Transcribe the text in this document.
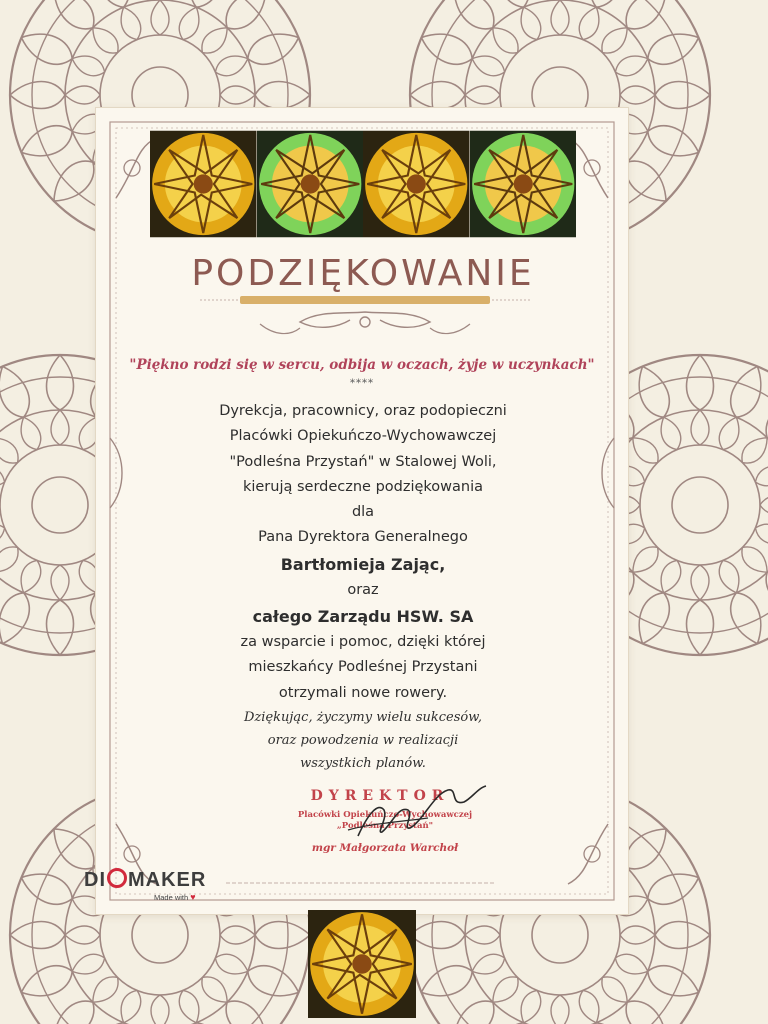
PODZIĘKOWANIE
"Piękno rodzi się w sercu, odbija w oczach, żyje w uczynkach"
****
Dyrekcja, pracownicy, oraz podopieczni
Placówki Opiekuńczo-Wychowawczej
"Podleśna Przystań" w Stalowej Woli,
kierują serdeczne podziękowania
dla
Pana Dyrektora Generalnego
Bartłomieja Zając,
oraz
całego Zarządu HSW. SA
za wsparcie i pomoc, dzięki której
mieszkańcy Podleśnej Przystani
otrzymali nowe rowery.
Dziękując, życzymy wielu sukcesów,
oraz powodzenia w realizacji
wszystkich planów.
DYREKTOR
Placówki Opiekuńczo-Wychowawczej
„Podleśna Przystań"
mgr Małgorzata Warchoł
DI MAKER
Made with ♥
